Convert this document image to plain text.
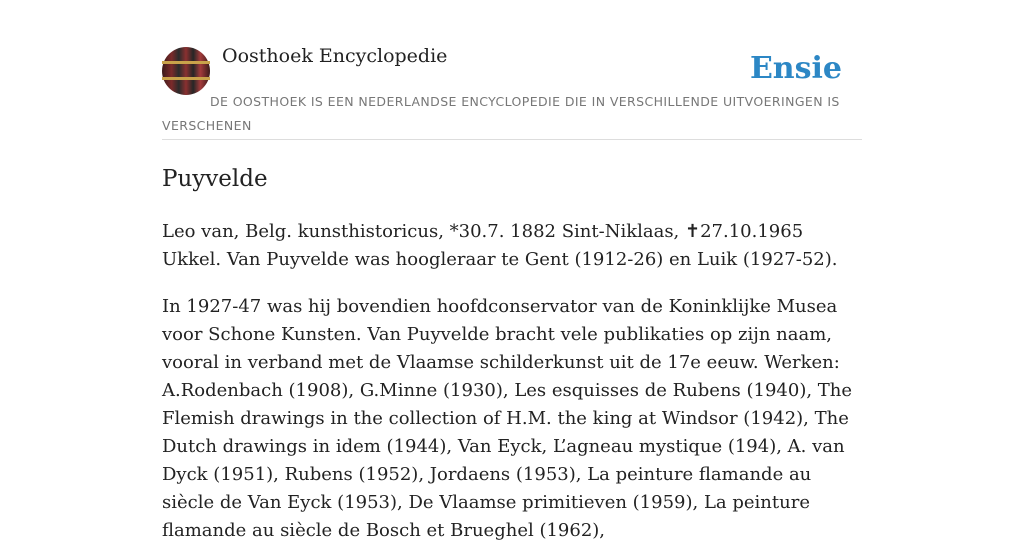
Oosthoek Encyclopedie	Ensie
DE OOSTHOEK IS EEN NEDERLANDSE ENCYCLOPEDIE DIE IN VERSCHILLENDE UITVOERINGEN IS VERSCHENEN
Puyvelde

Leo van, Belg. kunsthistoricus, *30.7. 1882 Sint-Niklaas, ✝27.10.1965 Ukkel. Van Puyvelde was hoogleraar te Gent (1912-26) en Luik (1927-52).

In 1927-47 was hij bovendien hoofdconservator van de Koninklijke Musea voor Schone Kunsten. Van Puyvelde bracht vele publikaties op zijn naam, vooral in verband met de Vlaamse schilderkunst uit de 17e eeuw. Werken: A.Rodenbach (1908), G.Minne (1930), Les esquisses de Rubens (1940), The Flemish drawings in the collection of H.M. the king at Windsor (1942), The Dutch drawings in idem (1944), Van Eyck, L’agneau mystique (194), A. van Dyck (1951), Rubens (1952), Jordaens (1953), La peinture flamande au siècle de Van Eyck (1953), De Vlaamse primitieven (1959), La peinture flamande au siècle de Bosch et Brueghel (1962),
